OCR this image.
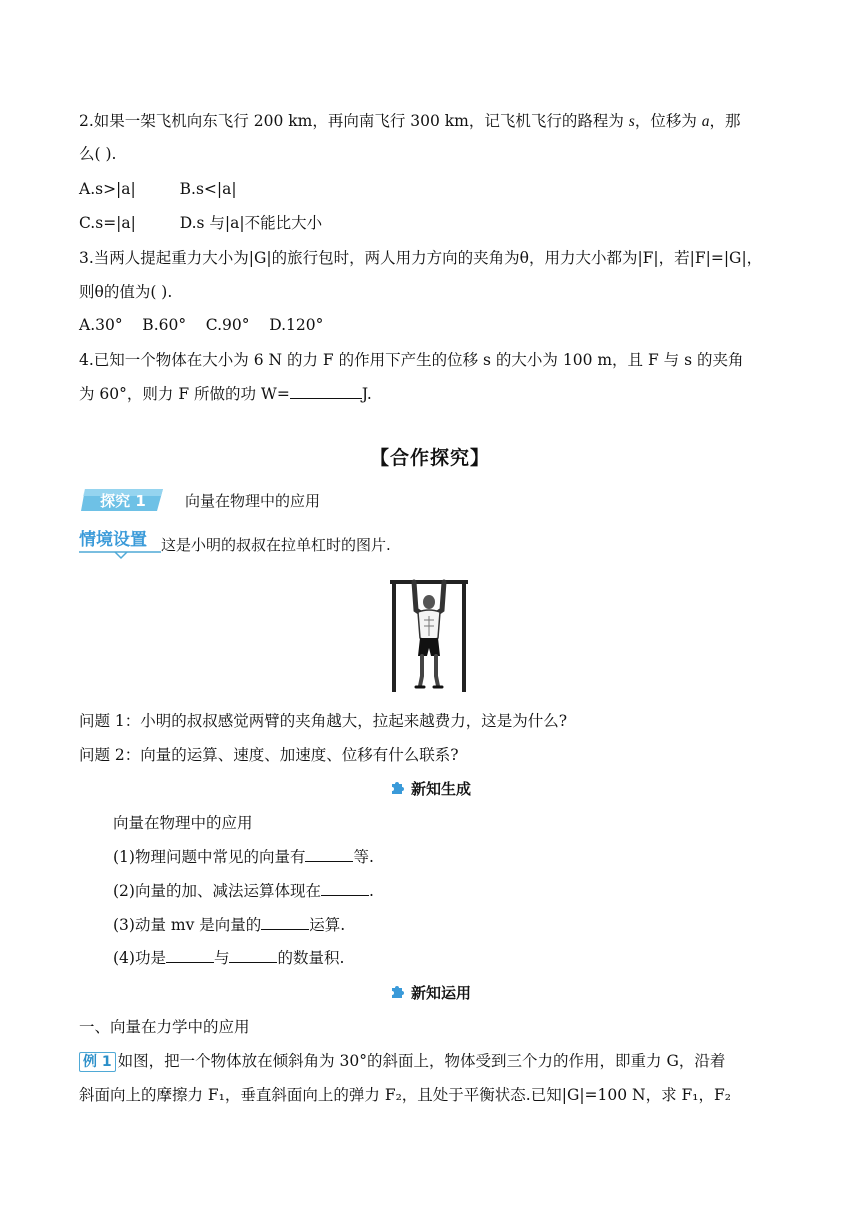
2.如果一架飞机向东飞行 200 km，再向南飞行 300 km，记飞机飞行的路程为 s，位移为 a，那
么( ).
A.s>|a|	B.s<|a|
C.s=|a|	D.s 与|a|不能比大小
3.当两人提起重力大小为|G|的旅行包时，两人用力方向的夹角为θ，用力大小都为|F|，若|F|=|G|，
则θ的值为( ).
A.30°    B.60°    C.90°    D.120°
4.已知一个物体在大小为 6 N 的力 F 的作用下产生的位移 s 的大小为 100 m，且 F 与 s 的夹角
为 60°，则力 F 所做的功 W=	J.
【合作探究】
探究 1	向量在物理中的应用
情境设置 这是小明的叔叔在拉单杠时的图片.
问题 1：小明的叔叔感觉两臂的夹角越大，拉起来越费力，这是为什么?
问题 2：向量的运算、速度、加速度、位移有什么联系?
新知生成
向量在物理中的应用
(1)物理问题中常见的向量有	等.
(2)向量的加、减法运算体现在	.
(3)动量 mv 是向量的	运算.
(4)功是	与	的数量积.
新知运用
一、向量在力学中的应用
例 1 如图，把一个物体放在倾斜角为 30°的斜面上，物体受到三个力的作用，即重力 G，沿着
斜面向上的摩擦力 F₁，垂直斜面向上的弹力 F₂，且处于平衡状态.已知|G|=100 N，求 F₁，F₂
